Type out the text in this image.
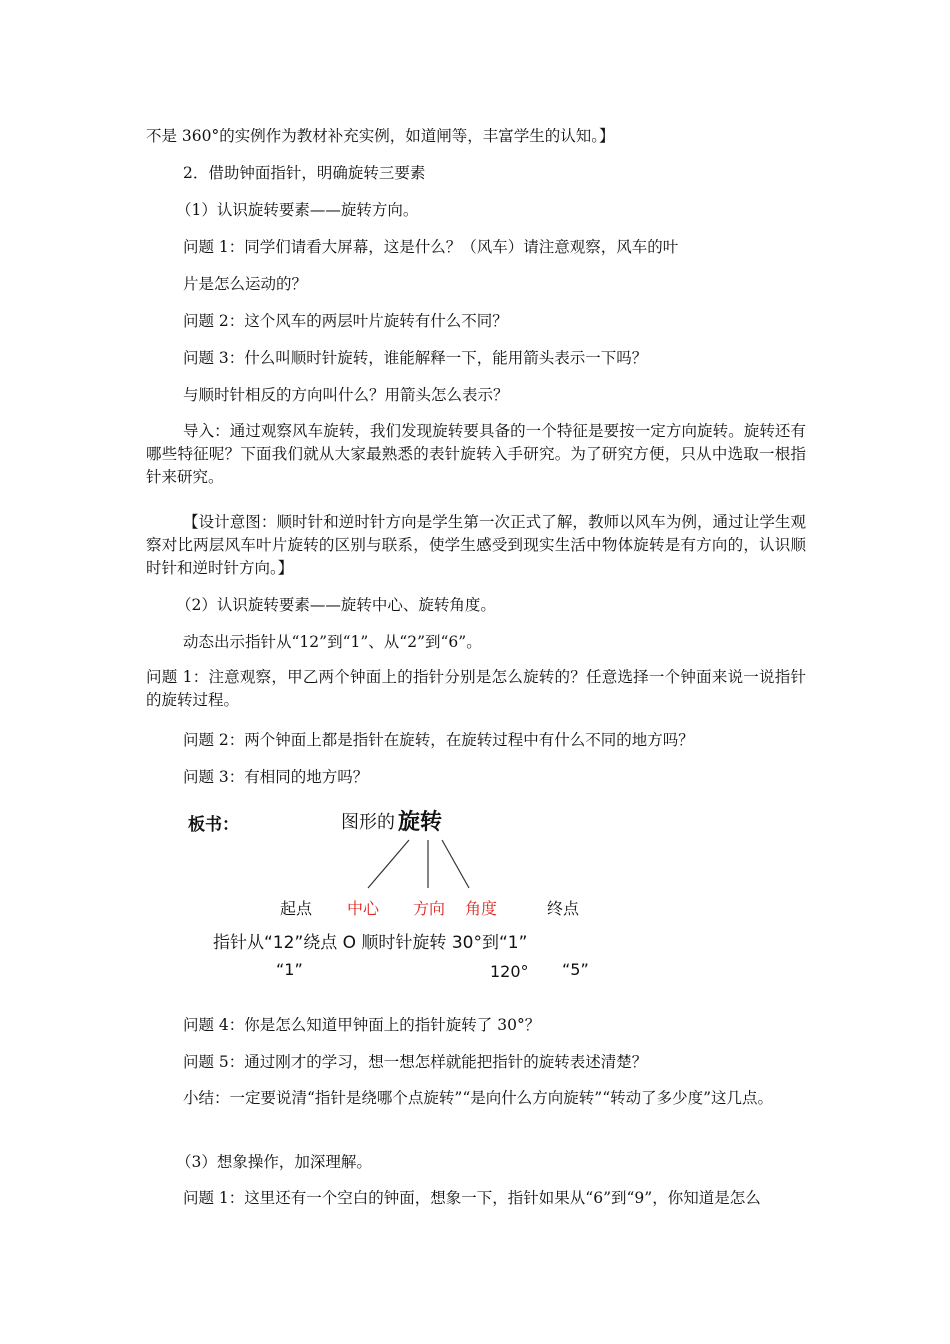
不是 360°的实例作为教材补充实例，如道闸等，丰富学生的认知。】
2．借助钟面指针，明确旋转三要素
（1）认识旋转要素——旋转方向。
问题 1：同学们请看大屏幕，这是什么？（风车）请注意观察，风车的叶
片是怎么运动的？
问题 2：这个风车的两层叶片旋转有什么不同？
问题 3：什么叫顺时针旋转，谁能解释一下，能用箭头表示一下吗？
与顺时针相反的方向叫什么？用箭头怎么表示？
导入：通过观察风车旋转，我们发现旋转要具备的一个特征是要按一定方向旋转。旋转还有哪些特征呢？下面我们就从大家最熟悉的表针旋转入手研究。为了研究方便，只从中选取一根指针来研究。
【设计意图：顺时针和逆时针方向是学生第一次正式了解，教师以风车为例，通过让学生观察对比两层风车叶片旋转的区别与联系，使学生感受到现实生活中物体旋转是有方向的，认识顺时针和逆时针方向。】
（2）认识旋转要素——旋转中心、旋转角度。
动态出示指针从“12”到“1”、从“2”到“6”。
问题 1：注意观察，甲乙两个钟面上的指针分别是怎么旋转的？任意选择一个钟面来说一说指针的旋转过程。
问题 2：两个钟面上都是指针在旋转，在旋转过程中有什么不同的地方吗？
问题 3：有相同的地方吗？
板书：	图形的 旋转
起点 中心 方向 角度	终点
指针从“12”绕点 O 顺时针旋转 30°到“1”
“1”	120° “5”
问题 4：你是怎么知道甲钟面上的指针旋转了 30°？
问题 5：通过刚才的学习，想一想怎样就能把指针的旋转表述清楚？
小结：一定要说清“指针是绕哪个点旋转”“是向什么方向旋转”“转动了多少度”这几点。
（3）想象操作，加深理解。
问题 1：这里还有一个空白的钟面，想象一下，指针如果从“6”到“9”，你知道是怎么
